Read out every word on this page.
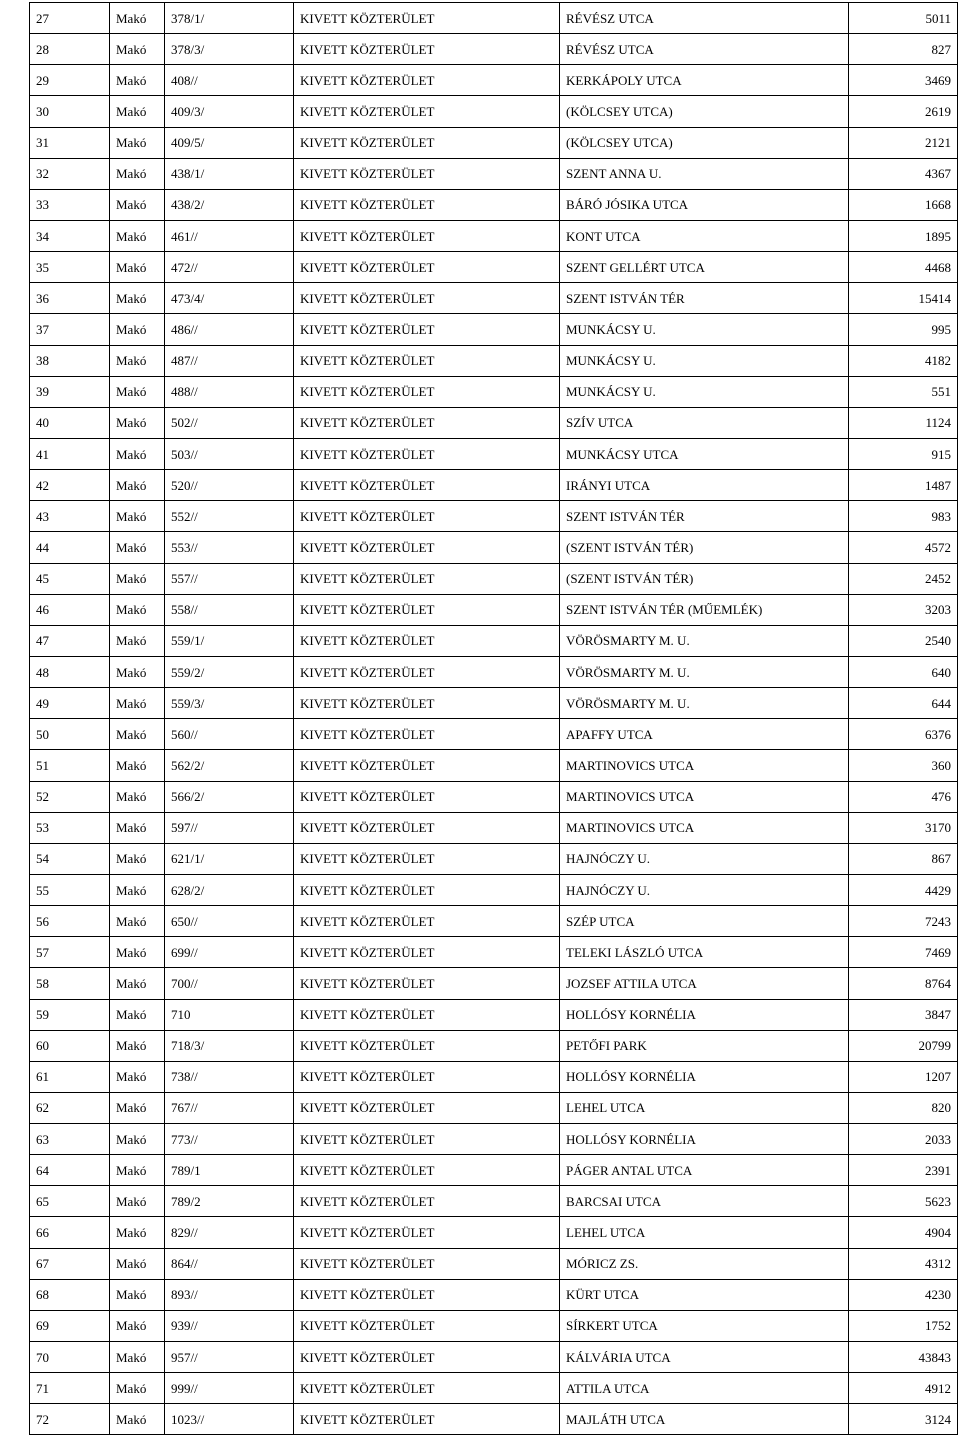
27	Makó	378/1/	KIVETT KÖZTERÜLET	RÉVÉSZ UTCA	5011
28	Makó	378/3/	KIVETT KÖZTERÜLET	RÉVÉSZ UTCA	827
29	Makó	408//	KIVETT KÖZTERÜLET	KERKÁPOLY UTCA	3469
30	Makó	409/3/	KIVETT KÖZTERÜLET	(KÖLCSEY UTCA)	2619
31	Makó	409/5/	KIVETT KÖZTERÜLET	(KÖLCSEY UTCA)	2121
32	Makó	438/1/	KIVETT KÖZTERÜLET	SZENT ANNA U.	4367
33	Makó	438/2/	KIVETT KÖZTERÜLET	BÁRÓ JÓSIKA UTCA	1668
34	Makó	461//	KIVETT KÖZTERÜLET	KONT UTCA	1895
35	Makó	472//	KIVETT KÖZTERÜLET	SZENT GELLÉRT UTCA	4468
36	Makó	473/4/	KIVETT KÖZTERÜLET	SZENT ISTVÁN TÉR	15414
37	Makó	486//	KIVETT KÖZTERÜLET	MUNKÁCSY U.	995
38	Makó	487//	KIVETT KÖZTERÜLET	MUNKÁCSY U.	4182
39	Makó	488//	KIVETT KÖZTERÜLET	MUNKÁCSY U.	551
40	Makó	502//	KIVETT KÖZTERÜLET	SZÍV UTCA	1124
41	Makó	503//	KIVETT KÖZTERÜLET	MUNKÁCSY UTCA	915
42	Makó	520//	KIVETT KÖZTERÜLET	IRÁNYI UTCA	1487
43	Makó	552//	KIVETT KÖZTERÜLET	SZENT ISTVÁN TÉR	983
44	Makó	553//	KIVETT KÖZTERÜLET	(SZENT ISTVÁN TÉR)	4572
45	Makó	557//	KIVETT KÖZTERÜLET	(SZENT ISTVÁN TÉR)	2452
46	Makó	558//	KIVETT KÖZTERÜLET	SZENT ISTVÁN TÉR (MŰEMLÉK)	3203
47	Makó	559/1/	KIVETT KÖZTERÜLET	VÖRÖSMARTY M. U.	2540
48	Makó	559/2/	KIVETT KÖZTERÜLET	VÖRÖSMARTY M. U.	640
49	Makó	559/3/	KIVETT KÖZTERÜLET	VÖRÖSMARTY M. U.	644
50	Makó	560//	KIVETT KÖZTERÜLET	APAFFY UTCA	6376
51	Makó	562/2/	KIVETT KÖZTERÜLET	MARTINOVICS UTCA	360
52	Makó	566/2/	KIVETT KÖZTERÜLET	MARTINOVICS UTCA	476
53	Makó	597//	KIVETT KÖZTERÜLET	MARTINOVICS UTCA	3170
54	Makó	621/1/	KIVETT KÖZTERÜLET	HAJNÓCZY U.	867
55	Makó	628/2/	KIVETT KÖZTERÜLET	HAJNÓCZY U.	4429
56	Makó	650//	KIVETT KÖZTERÜLET	SZÉP UTCA	7243
57	Makó	699//	KIVETT KÖZTERÜLET	TELEKI LÁSZLÓ UTCA	7469
58	Makó	700//	KIVETT KÖZTERÜLET	JOZSEF ATTILA UTCA	8764
59	Makó	710	KIVETT KÖZTERÜLET	HOLLÓSY KORNÉLIA	3847
60	Makó	718/3/	KIVETT KÖZTERÜLET	PETŐFI PARK	20799
61	Makó	738//	KIVETT KÖZTERÜLET	HOLLÓSY KORNÉLIA	1207
62	Makó	767//	KIVETT KÖZTERÜLET	LEHEL UTCA	820
63	Makó	773//	KIVETT KÖZTERÜLET	HOLLÓSY KORNÉLIA	2033
64	Makó	789/1	KIVETT KÖZTERÜLET	PÁGER ANTAL UTCA	2391
65	Makó	789/2	KIVETT KÖZTERÜLET	BARCSAI UTCA	5623
66	Makó	829//	KIVETT KÖZTERÜLET	LEHEL UTCA	4904
67	Makó	864//	KIVETT KÖZTERÜLET	MÓRICZ ZS.	4312
68	Makó	893//	KIVETT KÖZTERÜLET	KÜRT UTCA	4230
69	Makó	939//	KIVETT KÖZTERÜLET	SÍRKERT UTCA	1752
70	Makó	957//	KIVETT KÖZTERÜLET	KÁLVÁRIA UTCA	43843
71	Makó	999//	KIVETT KÖZTERÜLET	ATTILA UTCA	4912
72	Makó	1023//	KIVETT KÖZTERÜLET	MAJLÁTH UTCA	3124
